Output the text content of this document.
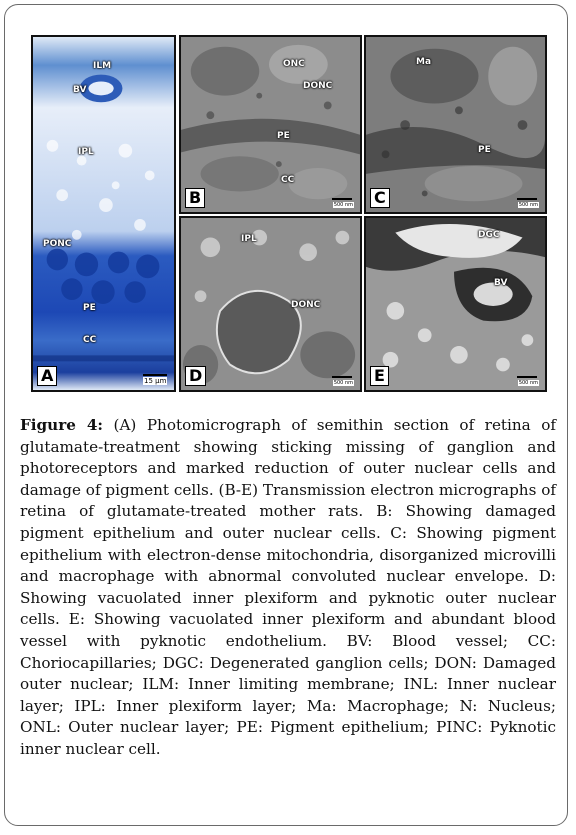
ILM
BV
IPL
PONC
PE
CC
A	15 μm
ONC
DONC
PE
CC
B	500 nm
Ma
PE
C	500 nm
IPL
DONC
D	500 nm
DGC
BV
E	500 nm
Figure 4: (A) Photomicrograph of semithin section of retina of glutamate-treatment showing sticking missing of ganglion and photoreceptors and marked reduction of outer nuclear cells and damage of pigment cells. (B-E) Transmission electron micrographs of retina of glutamate-treated mother rats. B: Showing damaged pigment epithelium and outer nuclear cells. C: Showing pigment epithelium with electron-dense mitochondria, disorganized microvilli and macrophage with abnormal convoluted nuclear envelope. D: Showing vacuolated inner plexiform and pyknotic outer nuclear cells. E: Showing vacuolated inner plexiform and abundant blood vessel with pyknotic endothelium. BV: Blood vessel; CC: Choriocapillaries; DGC: Degenerated ganglion cells; DON: Damaged outer nuclear; ILM: Inner limiting membrane; INL: Inner nuclear layer; IPL: Inner plexiform layer; Ma: Macrophage; N: Nucleus; ONL: Outer nuclear layer; PE: Pigment epithelium; PINC: Pyknotic inner nuclear cell.
